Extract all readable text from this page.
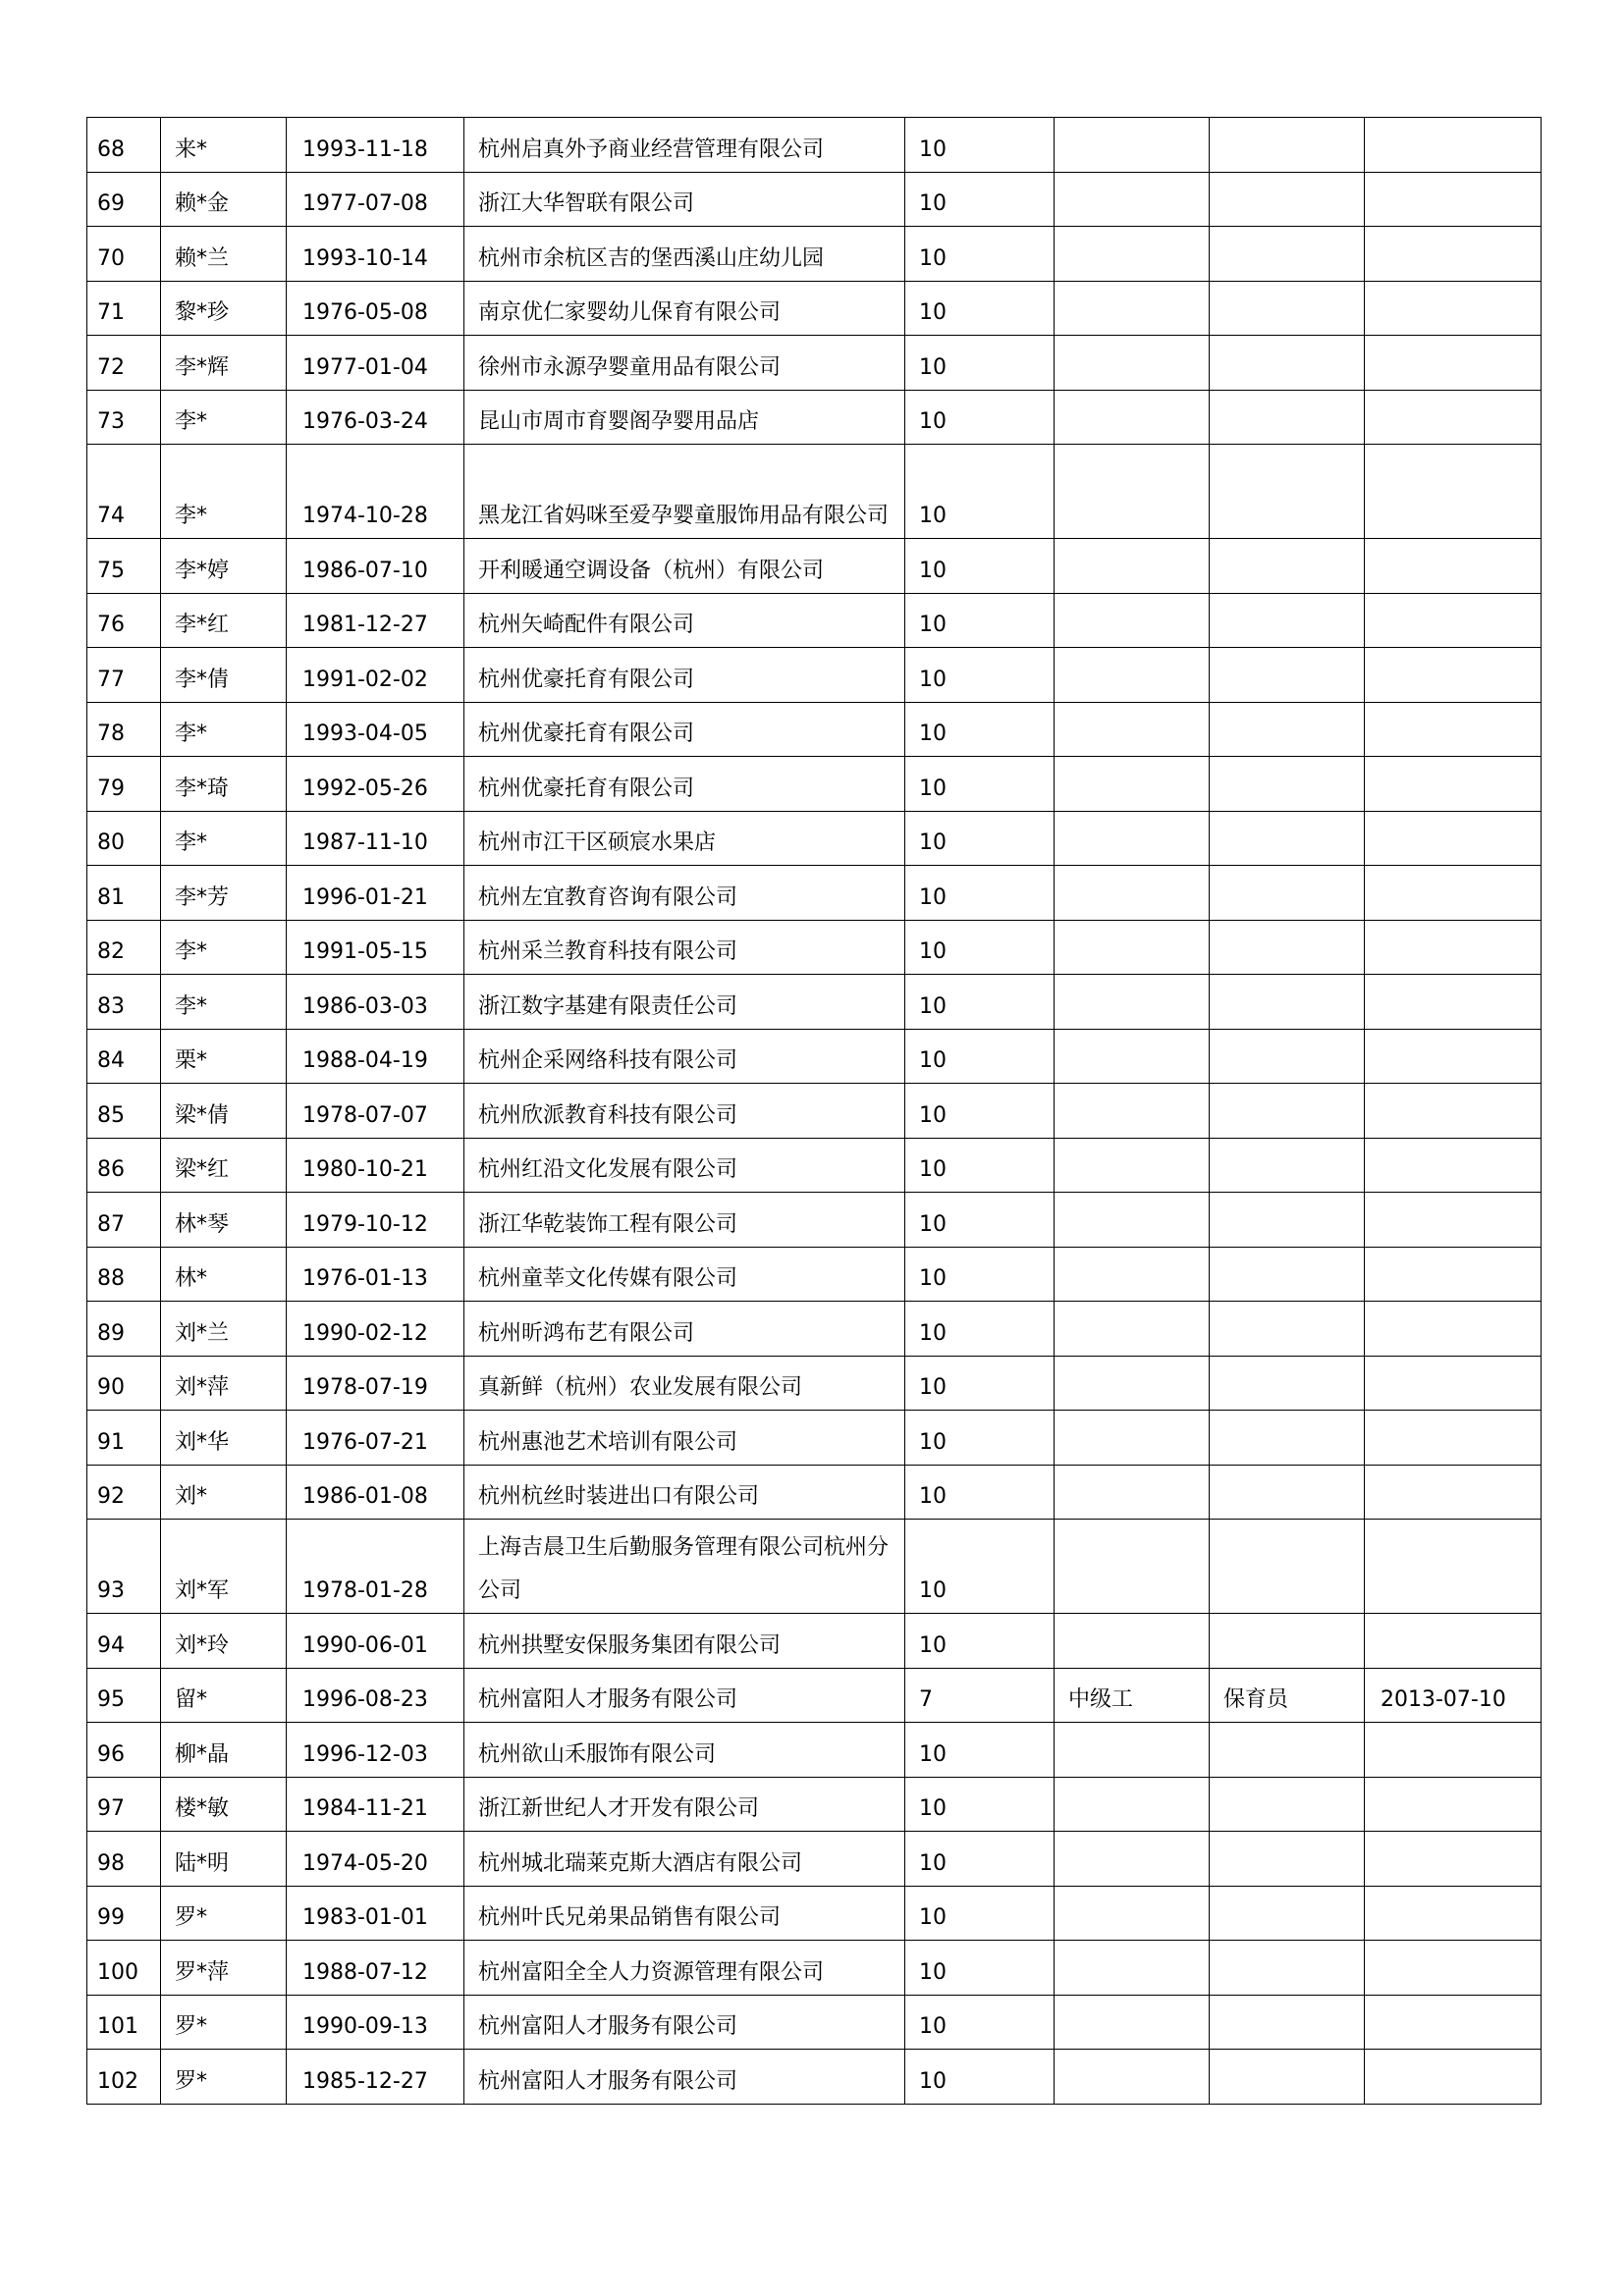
68	来*	1993-11-18	杭州启真外予商业经营管理有限公司	10			
69	赖*金	1977-07-08	浙江大华智联有限公司	10			
70	赖*兰	1993-10-14	杭州市余杭区吉的堡西溪山庄幼儿园	10			
71	黎*珍	1976-05-08	南京优仁家婴幼儿保育有限公司	10			
72	李*辉	1977-01-04	徐州市永源孕婴童用品有限公司	10			
73	李*	1976-03-24	昆山市周市育婴阁孕婴用品店	10			
74	李*	1974-10-28	黑龙江省妈咪至爱孕婴童服饰用品有限公司	10			
75	李*婷	1986-07-10	开利暖通空调设备（杭州）有限公司	10			
76	李*红	1981-12-27	杭州矢崎配件有限公司	10			
77	李*倩	1991-02-02	杭州优豪托育有限公司	10			
78	李*	1993-04-05	杭州优豪托育有限公司	10			
79	李*琦	1992-05-26	杭州优豪托育有限公司	10			
80	李*	1987-11-10	杭州市江干区硕宸水果店	10			
81	李*芳	1996-01-21	杭州左宜教育咨询有限公司	10			
82	李*	1991-05-15	杭州采兰教育科技有限公司	10			
83	李*	1986-03-03	浙江数字基建有限责任公司	10			
84	栗*	1988-04-19	杭州企采网络科技有限公司	10			
85	梁*倩	1978-07-07	杭州欣派教育科技有限公司	10			
86	梁*红	1980-10-21	杭州红沿文化发展有限公司	10			
87	林*琴	1979-10-12	浙江华乾装饰工程有限公司	10			
88	林*	1976-01-13	杭州童莘文化传媒有限公司	10			
89	刘*兰	1990-02-12	杭州昕鸿布艺有限公司	10			
90	刘*萍	1978-07-19	真新鲜（杭州）农业发展有限公司	10			
91	刘*华	1976-07-21	杭州惠池艺术培训有限公司	10			
92	刘*	1986-01-08	杭州杭丝时装进出口有限公司	10			
93	刘*军	1978-01-28	上海吉晨卫生后勤服务管理有限公司杭州分公司	10			
94	刘*玲	1990-06-01	杭州拱墅安保服务集团有限公司	10			
95	留*	1996-08-23	杭州富阳人才服务有限公司	7	中级工	保育员	2013-07-10
96	柳*晶	1996-12-03	杭州欲山禾服饰有限公司	10			
97	楼*敏	1984-11-21	浙江新世纪人才开发有限公司	10			
98	陆*明	1974-05-20	杭州城北瑞莱克斯大酒店有限公司	10			
99	罗*	1983-01-01	杭州叶氏兄弟果品销售有限公司	10			
100	罗*萍	1988-07-12	杭州富阳全全人力资源管理有限公司	10			
101	罗*	1990-09-13	杭州富阳人才服务有限公司	10			
102	罗*	1985-12-27	杭州富阳人才服务有限公司	10			
